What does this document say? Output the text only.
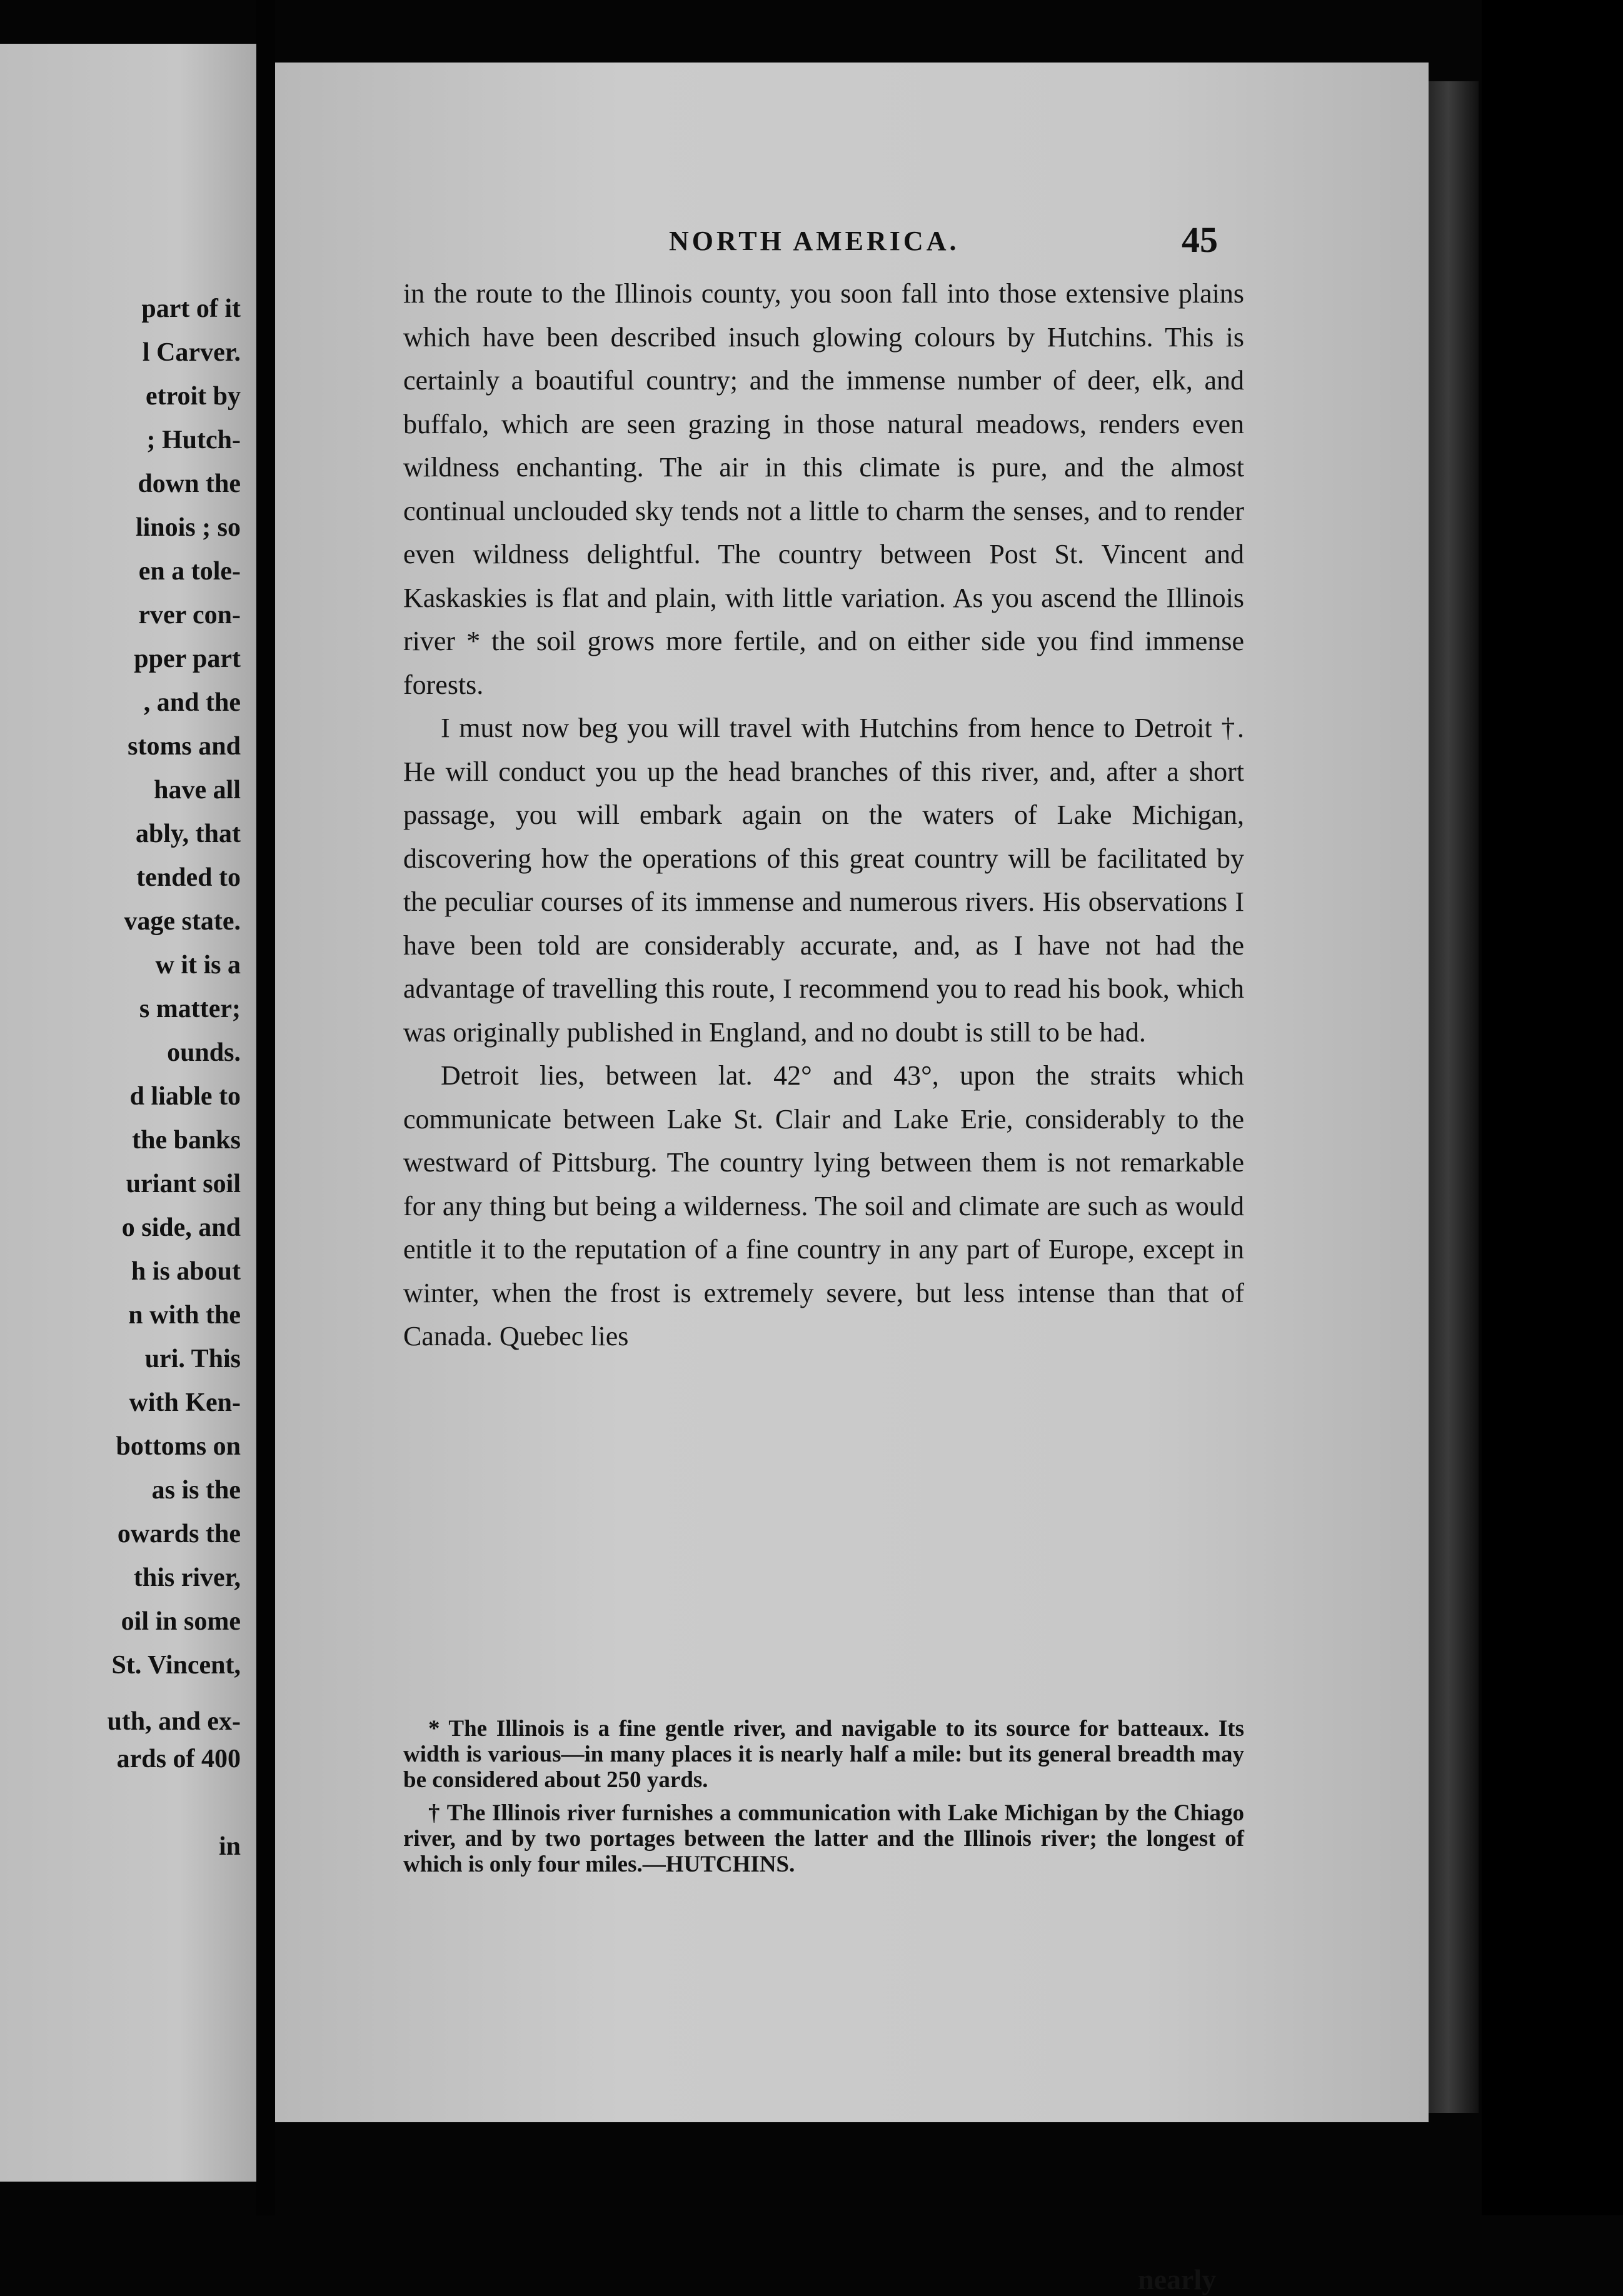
part of it

l Carver.

etroit by

; Hutch-

down the

linois ; so

en a tole-

rver con-

pper part

, and the

stoms and

have all

ably, that

tended to

vage state.

w it is a

s matter;

ounds.

d liable to

the banks

uriant soil

o side, and

h is about

n with the

uri. This

with Ken-

bottoms on

as is the

owards the

this river,

oil in some

St. Vincent,

uth, and ex-

ards of 400

in

NORTH AMERICA.	45

in the route to the Illinois county, you soon fall into those extensive plains which have been described insuch glowing colours by Hutchins. This is certainly a boautiful country; and the immense number of deer, elk, and buffalo, which are seen grazing in those natural meadows, renders even wildness enchanting. The air in this climate is pure, and the almost continual unclouded sky tends not a little to charm the senses, and to render even wildness delightful. The country between Post St. Vincent and Kaskaskies is flat and plain, with little variation. As you ascend the Illinois river * the soil grows more fertile, and on either side you find immense forests.

I must now beg you will travel with Hutchins from hence to Detroit †. He will conduct you up the head branches of this river, and, after a short passage, you will embark again on the waters of Lake Michigan, discovering how the operations of this great country will be facilitated by the peculiar courses of its immense and numerous rivers. His observations I have been told are considerably accurate, and, as I have not had the advantage of travelling this route, I recommend you to read his book, which was originally published in England, and no doubt is still to be had.

Detroit lies, between lat. 42° and 43°, upon the straits which communicate between Lake St. Clair and Lake Erie, considerably to the westward of Pittsburg. The country lying between them is not remarkable for any thing but being a wilderness. The soil and climate are such as would entitle it to the reputation of a fine country in any part of Europe, except in winter, when the frost is extremely severe, but less intense than that of Canada. Quebec lies

* The Illinois is a fine gentle river, and navigable to its source for batteaux. Its width is various—in many places it is nearly half a mile: but its general breadth may be considered about 250 yards.

† The Illinois river furnishes a communication with Lake Michigan by the Chiago river, and by two portages between the latter and the Illinois river; the longest of which is only four miles.—HUTCHINS.

nearly
